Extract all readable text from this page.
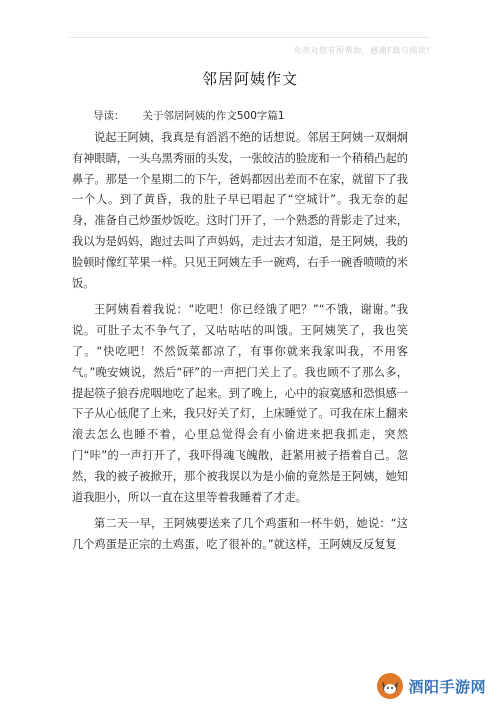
免责对您有所帮助，感谢F载与阅读!
邻居阿姨作文
导读： 关于邻居阿姨的作文500字篇1

说起王阿姨，我真是有滔滔不绝的话想说。邻居王阿姨一双炯炯有神眼睛，一头乌黑秀丽的头发，一张皎洁的脸庞和一个稍稍凸起的鼻子。那是一个星期二的下午，爸妈都因出差而不在家，就留下了我一个人。到了黄昏，我的肚子早已唱起了“空城计”。我无奈的起身，准备自己炒蛋炒饭吃。这时门开了，一个熟悉的背影走了过来，我以为是妈妈，跑过去叫了声妈妈，走过去才知道，是王阿姨，我的脸顿时像红苹果一样。只见王阿姨左手一碗鸡，右手一碗香喷喷的米饭。

王阿姨看着我说：“吃吧！你已经饿了吧？”“不饿，谢谢。”我说。可肚子太不争气了，又咕咕咕的叫饿。王阿姨笑了，我也笑了。“快吃吧！不然饭菜都凉了，有事你就来我家叫我，不用客气。”晚安姨说，然后“砰”的一声把门关上了。我也顾不了那么多，提起筷子狼吞虎咽地吃了起来。到了晚上，心中的寂寞感和恐惧感一下子从心低爬了上来，我只好关了灯，上床睡觉了。可我在床上翻来滚去怎么也睡不着，心里总觉得会有小偷进来把我抓走，突然门“咔”的一声打开了，我吓得魂飞魄散，赶紧用被子捂着自己。忽然，我的被子被掀开，那个被我误以为是小偷的竟然是王阿姨，她知道我胆小，所以一直在这里等着我睡着了才走。

第二天一早，王阿姨要送来了几个鸡蛋和一杯牛奶，她说：“这几个鸡蛋是正宗的土鸡蛋，吃了很补的。”就这样，王阿姨反反复复

酒阳手游网
